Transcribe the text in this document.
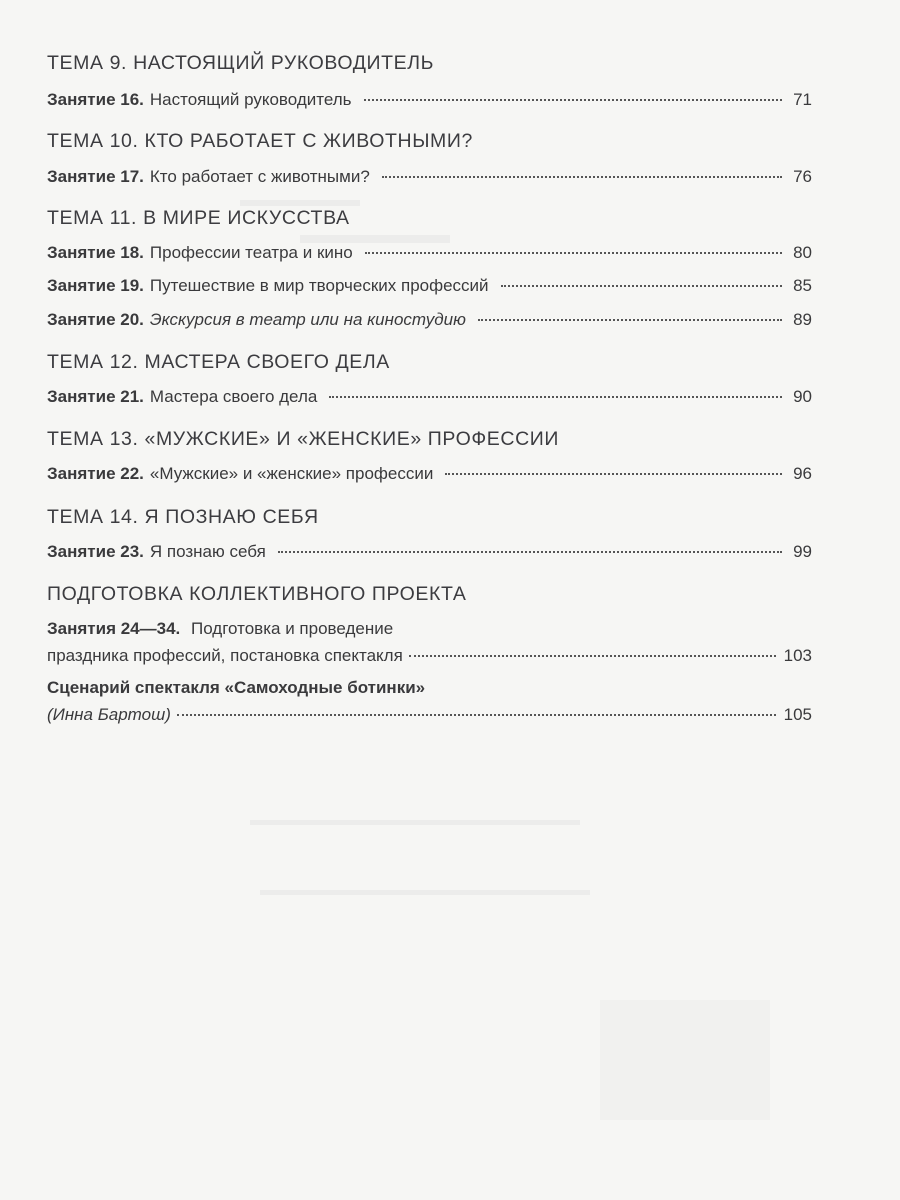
ТЕМА 9. НАСТОЯЩИЙ РУКОВОДИТЕЛЬ
Занятие 16. Настоящий руководитель	71
ТЕМА 10. КТО РАБОТАЕТ С ЖИВОТНЫМИ?
Занятие 17. Кто работает с животными?	76
ТЕМА 11. В МИРЕ ИСКУССТВА
Занятие 18. Профессии театра и кино	80
Занятие 19. Путешествие в мир творческих профессий	85
Занятие 20. Экскурсия в театр или на киностудию	89
ТЕМА 12. МАСТЕРА СВОЕГО ДЕЛА
Занятие 21. Мастера своего дела	90
ТЕМА 13. «МУЖСКИЕ» И «ЖЕНСКИЕ» ПРОФЕССИИ
Занятие 22. «Мужские» и «женские» профессии	96
ТЕМА 14. Я ПОЗНАЮ СЕБЯ
Занятие 23. Я познаю себя	99
ПОДГОТОВКА КОЛЛЕКТИВНОГО ПРОЕКТА
Занятия 24—34. Подготовка и проведение
праздника профессий, постановка спектакля	103
Сценарий спектакля «Самоходные ботинки»
(Инна Бартош)	105
